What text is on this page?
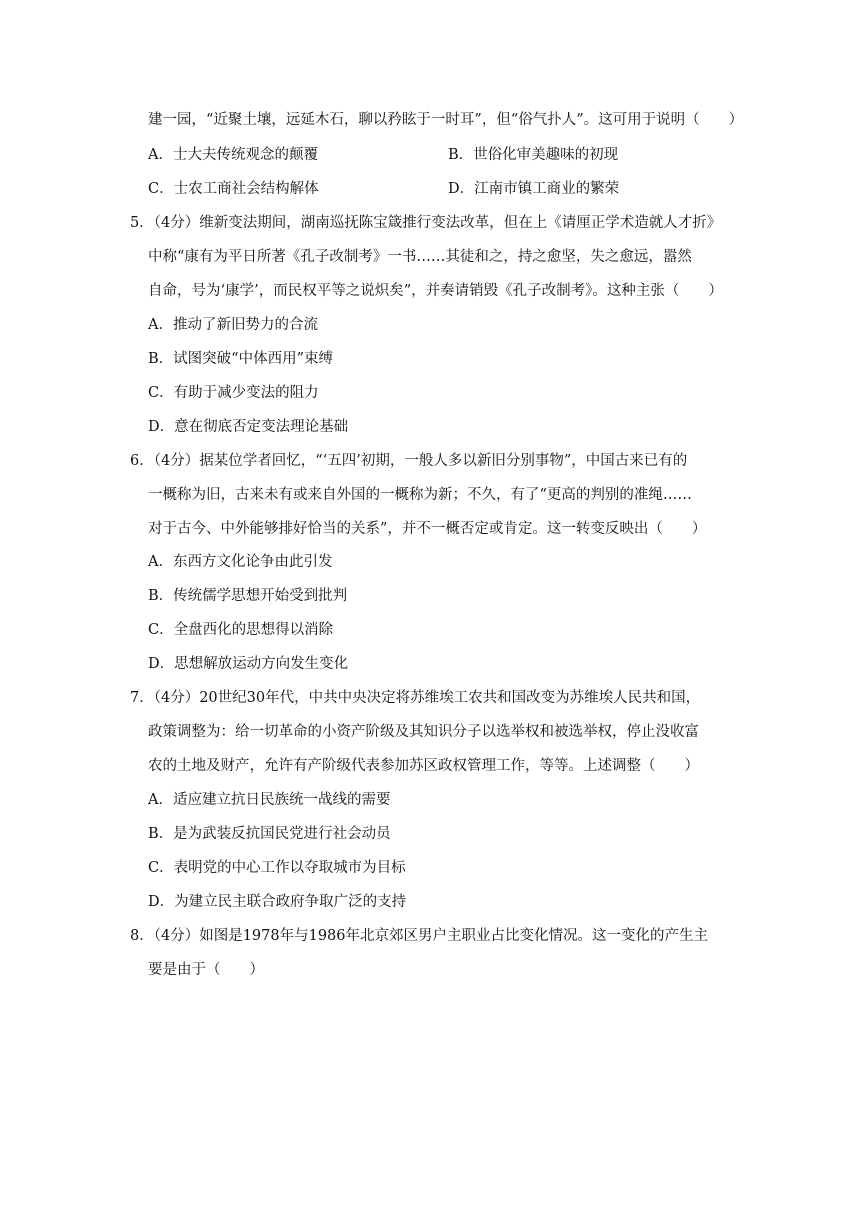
建一园，“近聚土壤，远延木石，聊以矜眩于一时耳”，但“俗气扑人”。这可用于说明（　　）
A．士大夫传统观念的颠覆	B．世俗化审美趣味的初现
C．士农工商社会结构解体	D．江南市镇工商业的繁荣
5．（4分）维新变法期间，湖南巡抚陈宝箴推行变法改革，但在上《请厘正学术造就人才折》
中称“康有为平日所著《孔子改制考》一书……其徒和之，持之愈坚，失之愈远，嚣然
自命，号为‘康学’，而民权平等之说炽矣”，并奏请销毁《孔子改制考》。这种主张（　　）
A．推动了新旧势力的合流
B．试图突破“中体西用”束缚
C．有助于减少变法的阻力
D．意在彻底否定变法理论基础
6．（4分）据某位学者回忆，“‘五四’初期，一般人多以新旧分别事物”，中国古来已有的
一概称为旧，古来未有或来自外国的一概称为新；不久，有了“更高的判别的准绳……
对于古今、中外能够排好恰当的关系”，并不一概否定或肯定。这一转变反映出（　　）
A．东西方文化论争由此引发
B．传统儒学思想开始受到批判
C．全盘西化的思想得以消除
D．思想解放运动方向发生变化
7．（4分）20世纪30年代，中共中央决定将苏维埃工农共和国改变为苏维埃人民共和国，
政策调整为：给一切革命的小资产阶级及其知识分子以选举权和被选举权，停止没收富
农的土地及财产，允许有产阶级代表参加苏区政权管理工作，等等。上述调整（　　）
A．适应建立抗日民族统一战线的需要
B．是为武装反抗国民党进行社会动员
C．表明党的中心工作以夺取城市为目标
D．为建立民主联合政府争取广泛的支持
8．（4分）如图是1978年与1986年北京郊区男户主职业占比变化情况。这一变化的产生主
要是由于（　　）
